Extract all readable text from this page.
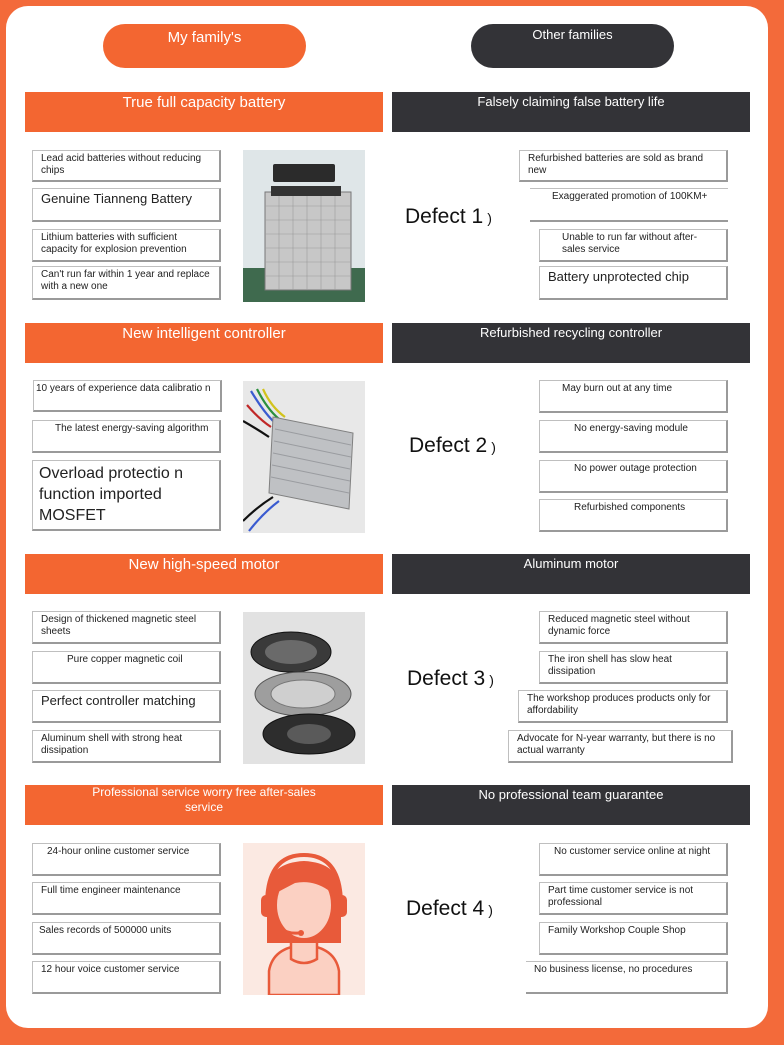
My family's	Other families
True full capacity battery	Falsely claiming false battery life
Lead acid batteries without reducing chips
Genuine Tianneng Battery
Lithium batteries with sufficient capacity for explosion prevention
Can't run far within 1 year and replace with a new one
Defect 1 )
Refurbished batteries are sold as brand new
Exaggerated promotion of 100KM+
Unable to run far without after-sales service
Battery unprotected chip
New intelligent controller	Refurbished recycling controller
10 years of experience data calibratio n
The latest energy-saving algorithm
Overload protectio n function imported MOSFET
Defect 2 )
May burn out at any time
No energy-saving module
No power outage protection
Refurbished components
New high-speed motor	Aluminum motor
Design of thickened magnetic steel sheets
Pure copper magnetic coil
Perfect controller matching
Aluminum shell with strong heat dissipation
Defect 3 )
Reduced magnetic steel without dynamic force
The iron shell has slow heat dissipation
The workshop produces products only for affordability
Advocate for N-year warranty, but there is no actual warranty
Professional service worry free after-sales service
No professional team guarantee
24-hour online customer service
Full time engineer maintenance
Sales records of 500000 units
12 hour voice customer service
Defect 4 )
No customer service online at night
Part time customer service is not professional
Family Workshop Couple Shop
No business license, no procedures
